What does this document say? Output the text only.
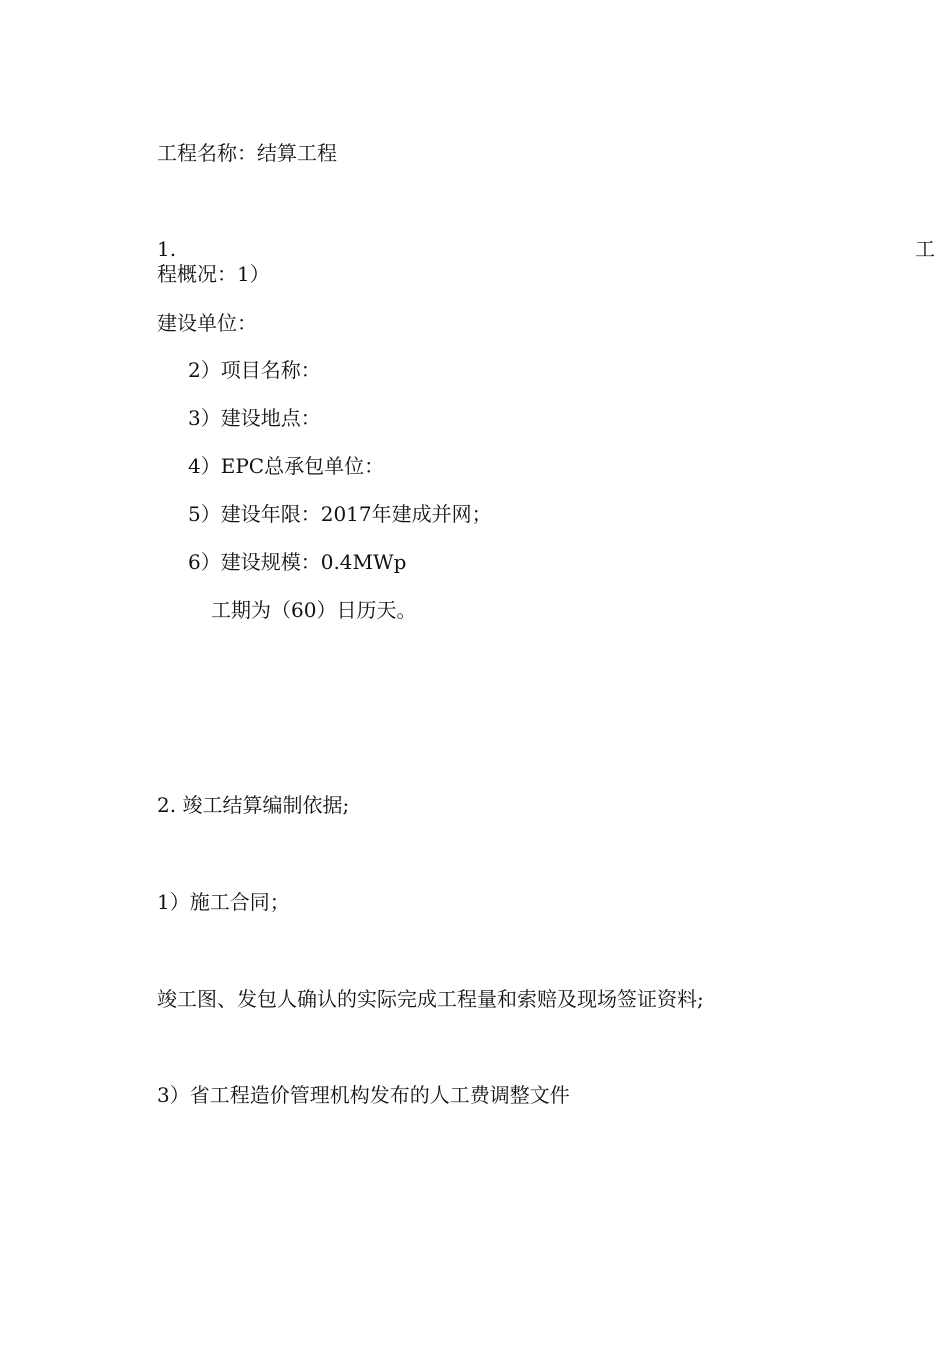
工程名称：结算工程
1.	工
程概况：1）
建设单位：
2）项目名称：
3）建设地点：
4）EPC总承包单位：
5）建设年限：2017年建成并网；
6）建设规模：0.4MWp
工期为（60）日历天。
2. 竣工结算编制依据;
1）施工合同；
竣工图、发包人确认的实际完成工程量和索赔及现场签证资料;
3）省工程造价管理机构发布的人工费调整文件
